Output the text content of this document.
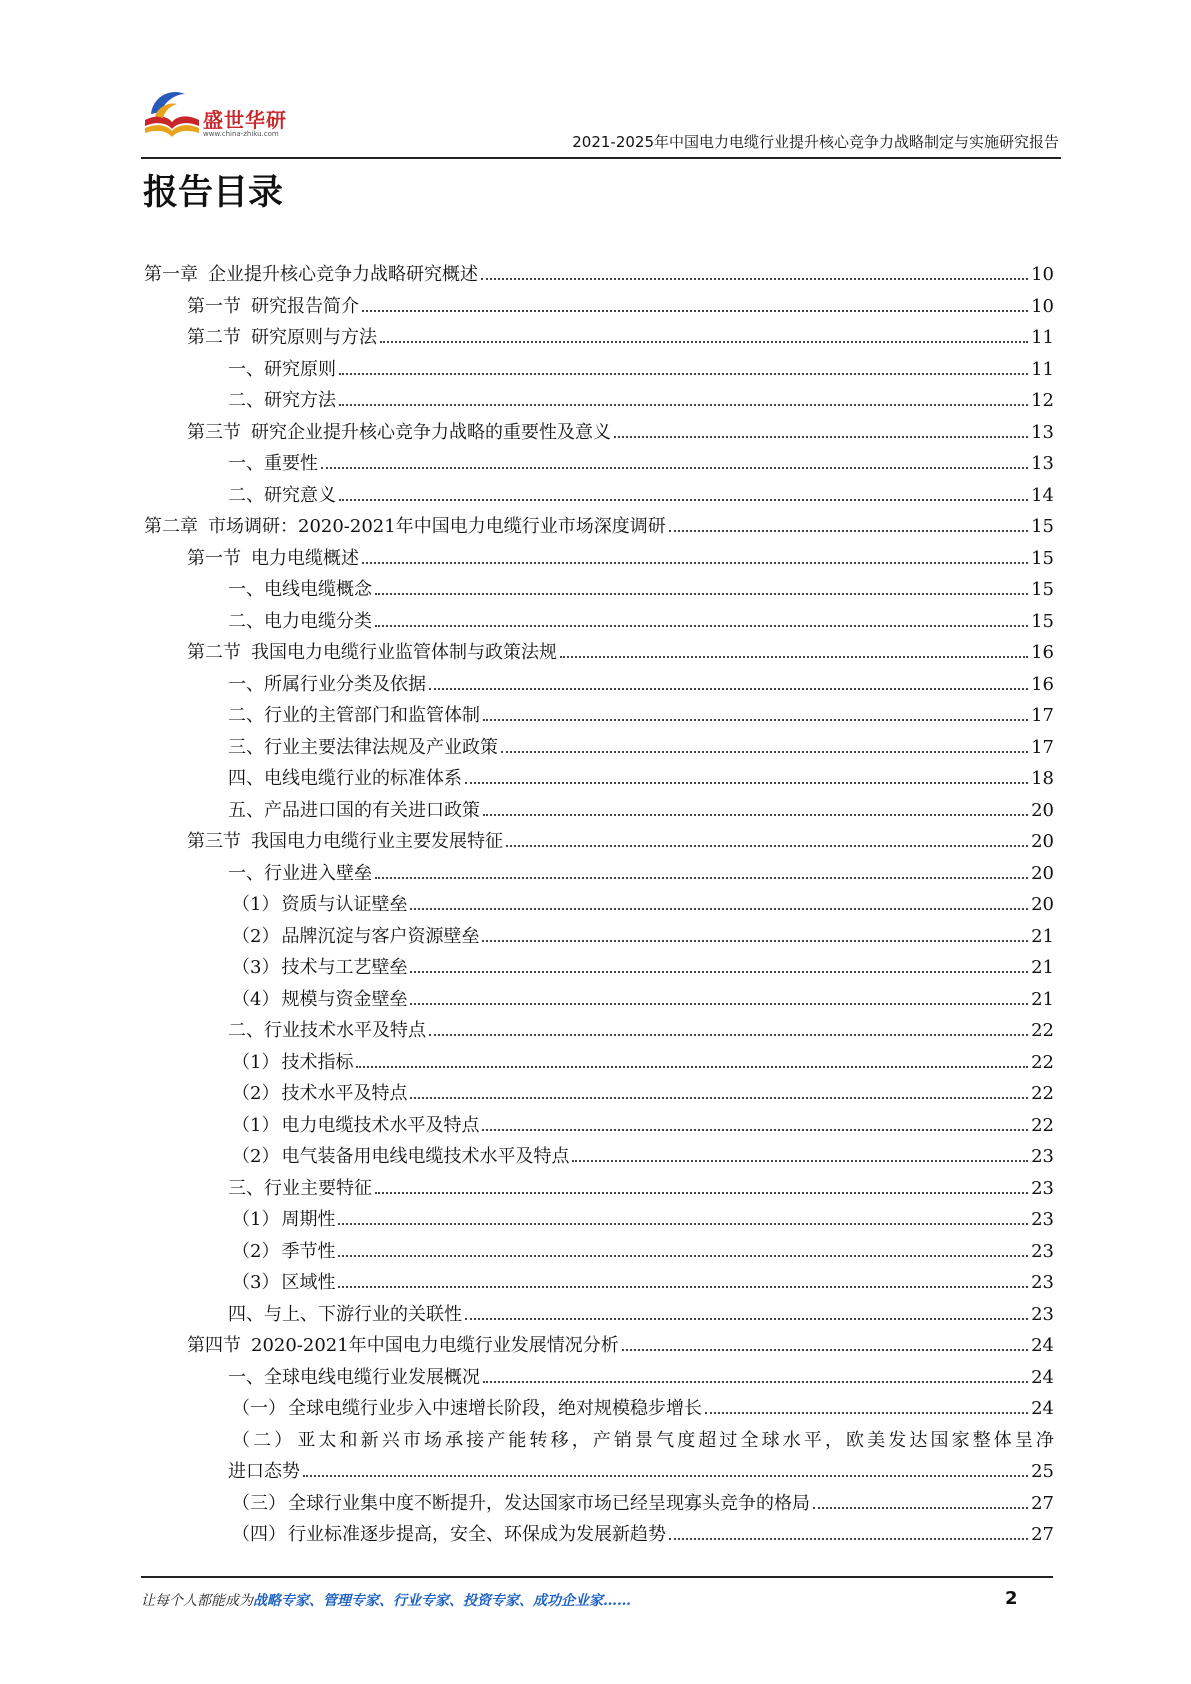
盛世华研
www.china-zhiku.com	2021-2025年中国电力电缆行业提升核心竞争力战略制定与实施研究报告
报告目录
第一章 企业提升核心竞争力战略研究概述	10
第一节 研究报告简介	10
第二节 研究原则与方法	11
一、研究原则	11
二、研究方法	12
第三节 研究企业提升核心竞争力战略的重要性及意义	13
一、重要性	13
二、研究意义	14
第二章 市场调研：2020-2021年中国电力电缆行业市场深度调研	15
第一节 电力电缆概述	15
一、电线电缆概念	15
二、电力电缆分类	15
第二节 我国电力电缆行业监管体制与政策法规	16
一、所属行业分类及依据	16
二、行业的主管部门和监管体制	17
三、行业主要法律法规及产业政策	17
四、电线电缆行业的标准体系	18
五、产品进口国的有关进口政策	20
第三节 我国电力电缆行业主要发展特征	20
一、行业进入壁垒	20
（1） 资质与认证壁垒	20
（2） 品牌沉淀与客户资源壁垒	21
（3） 技术与工艺壁垒	21
（4） 规模与资金壁垒	21
二、行业技术水平及特点	22
（1） 技术指标	22
（2） 技术水平及特点	22
（1） 电力电缆技术水平及特点	22
（2） 电气装备用电线电缆技术水平及特点	23
三、行业主要特征	23
（1） 周期性	23
（2） 季节性	23
（3） 区域性	23
四、与上、下游行业的关联性	23
第四节 2020-2021年中国电力电缆行业发展情况分析	24
一、全球电线电缆行业发展概况	24
（一） 全球电缆行业步入中速增长阶段，绝对规模稳步增长	24
（二） 亚太和新兴市场承接产能转移，产销景气度超过全球水平，欧美发达国家整体呈净
进口态势	25
（三） 全球行业集中度不断提升，发达国家市场已经呈现寡头竞争的格局	27
（四） 行业标准逐步提高，安全、环保成为发展新趋势	27
让每个人都能成为战略专家、管理专家、行业专家、投资专家、成功企业家……	2
